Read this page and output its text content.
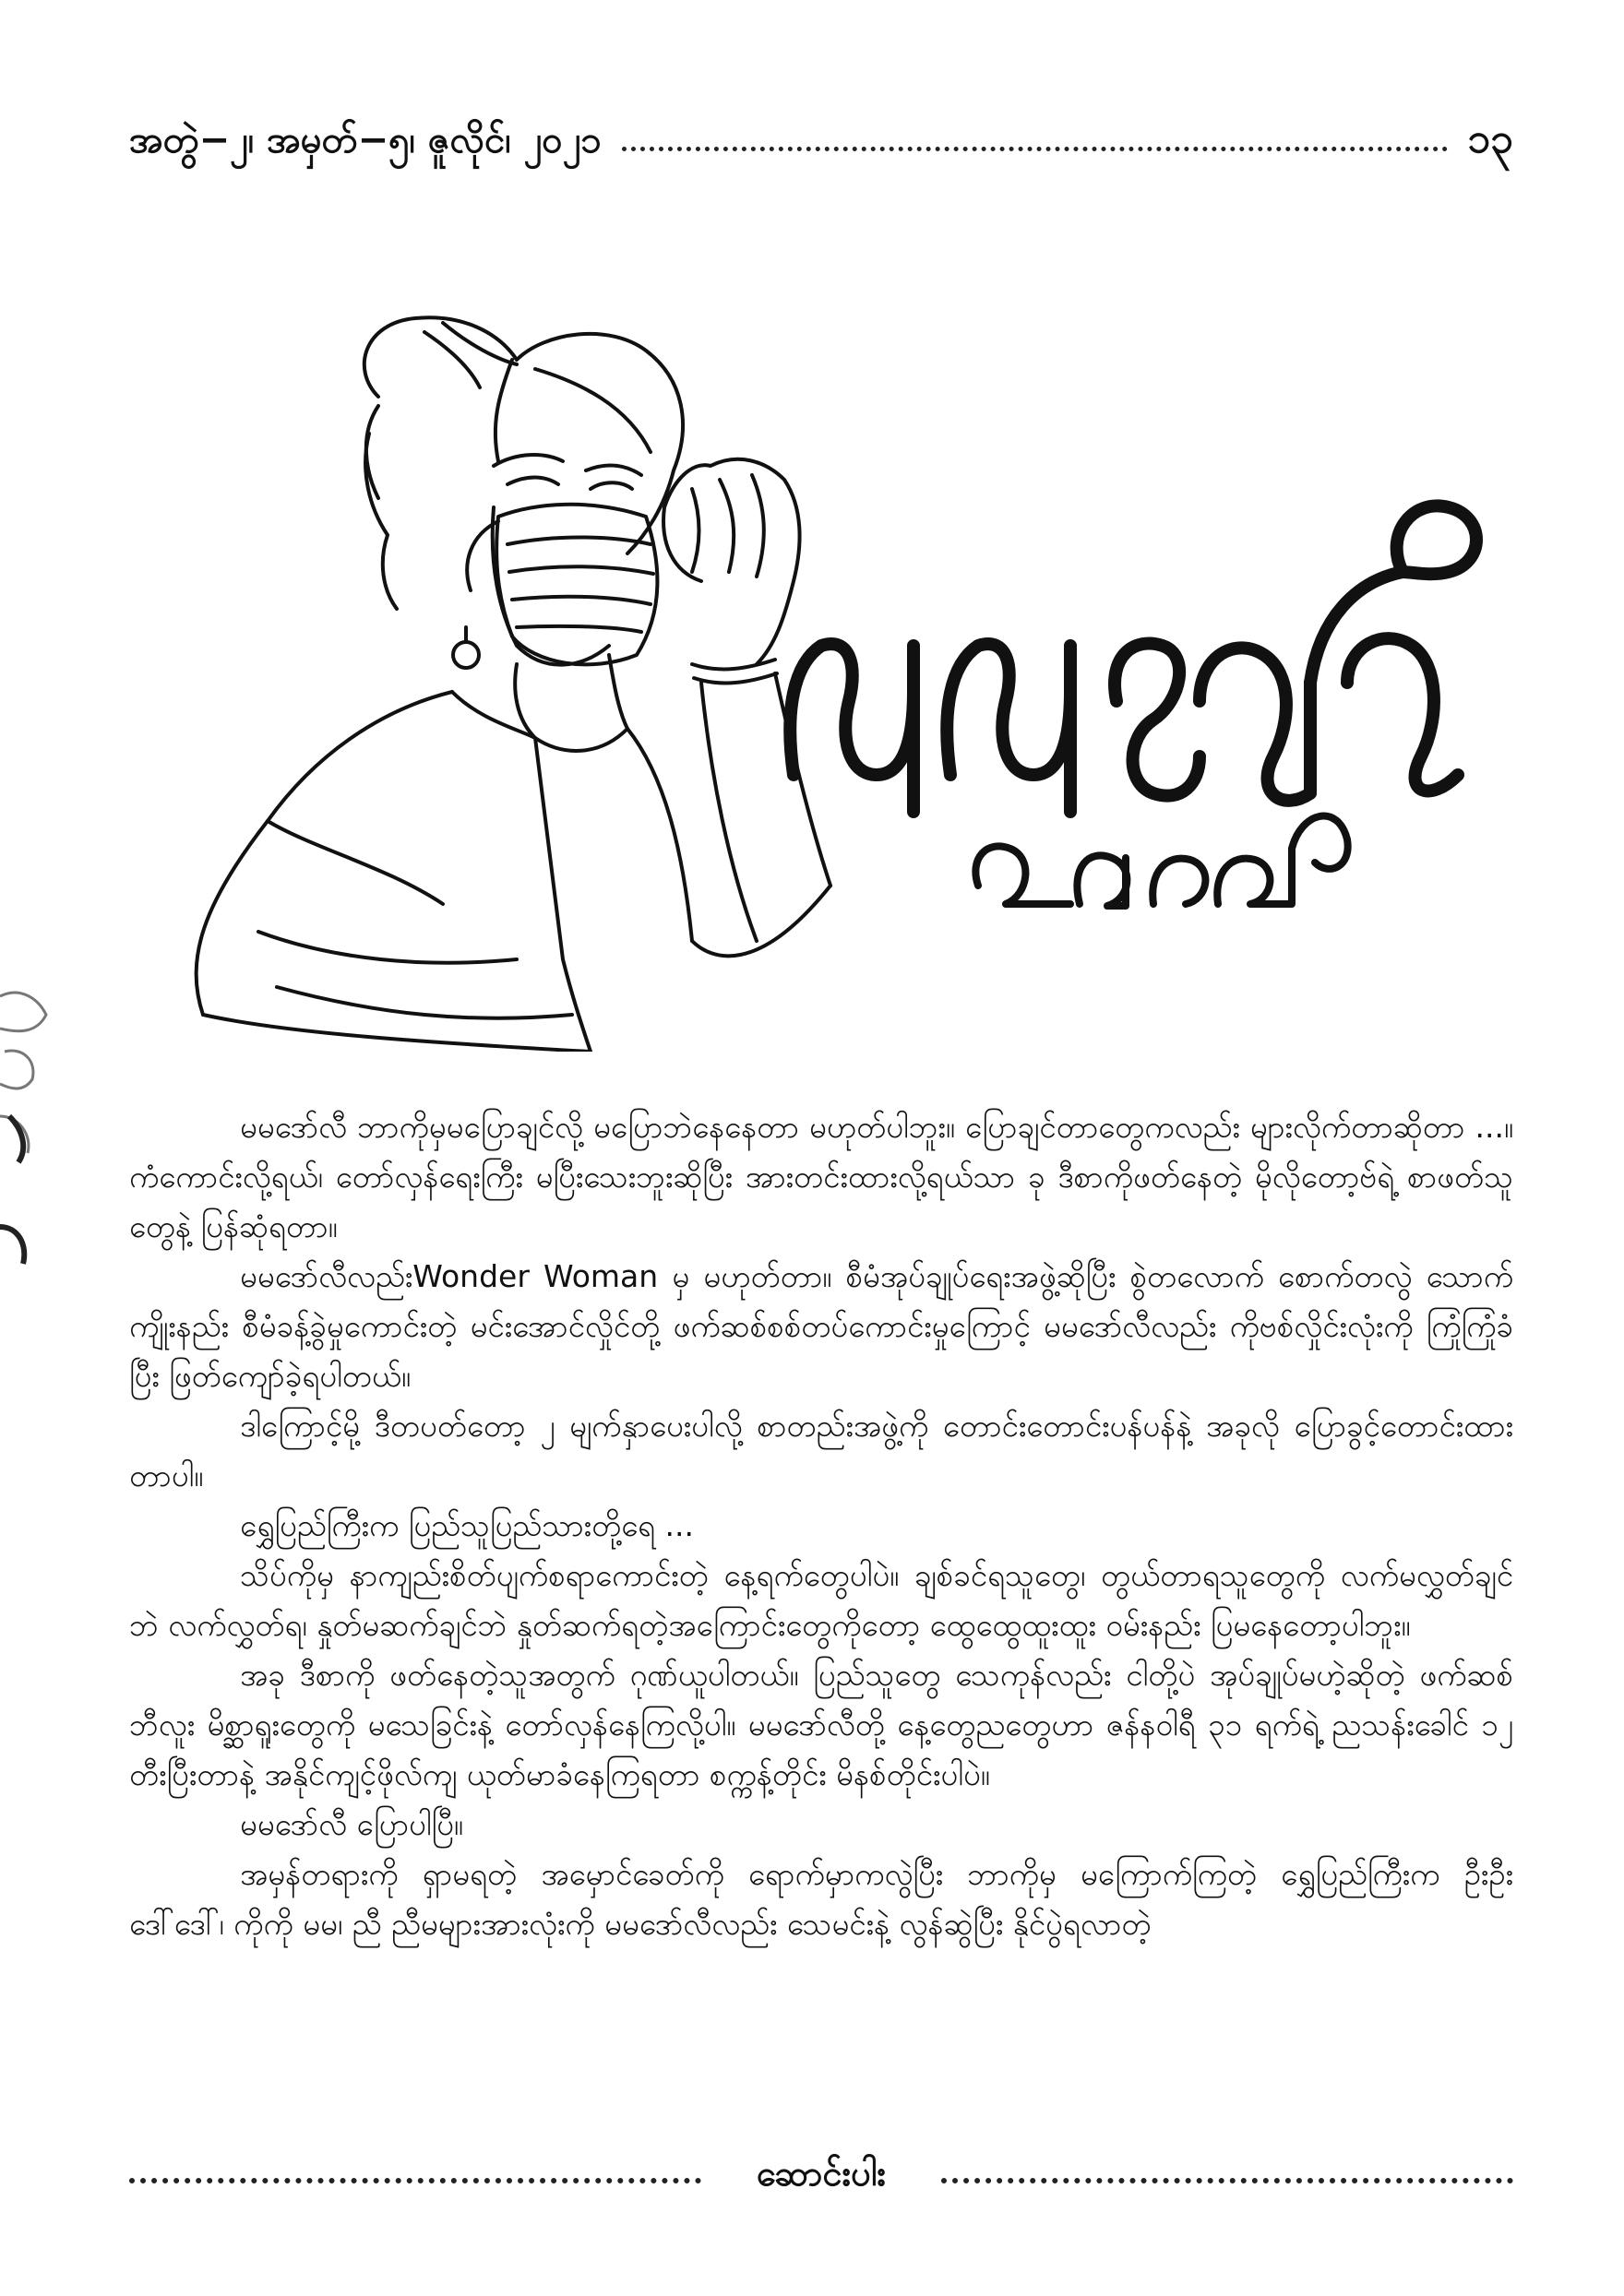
အတွဲ−၂၊ အမှတ်−၅၊ ဇူလိုင်၊ ၂၀၂၁	၁၃

မမဒော်လီ ဘာကိုမှမပြောချင်လို့ မပြောဘဲနေနေတာ မဟုတ်ပါဘူး။ ပြောချင်တာတွေကလည်း များလိုက်တာဆိုတာ ...။ ကံကောင်းလို့ရယ်၊ တော်လှန်ရေးကြီး မပြီးသေးဘူးဆိုပြီး အားတင်းထားလို့ရယ်သာ ခု ဒီစာကိုဖတ်နေတဲ့ မိုလိုတော့ဗ်ရဲ့ စာဖတ်သူတွေနဲ့ ပြန်ဆုံရတာ။

မမဒော်လီလည်းWonder Woman မှ မဟုတ်တာ။ စီမံအုပ်ချုပ်ရေးအဖွဲ့ဆိုပြီး စွဲတလောက် စောက်တလွဲ သောက်ကျိုးနည်း စီမံခန့်ခွဲမှုကောင်းတဲ့ မင်းအောင်လှိုင်တို့ ဖက်ဆစ်စစ်တပ်ကောင်းမှုကြောင့် မမဒော်လီလည်း ကိုဗစ်လှိုင်းလုံးကို ကြုံကြုံခံပြီး ဖြတ်ကျော်ခဲ့ရပါတယ်။

ဒါကြောင့်မို့ ဒီတပတ်တော့ ၂ မျက်နှာပေးပါလို့ စာတည်းအဖွဲ့ကို တောင်းတောင်းပန်ပန်နဲ့ အခုလို ပြောခွင့်တောင်းထားတာပါ။

ရွှေပြည်ကြီးက ပြည်သူပြည်သားတို့ရေ ...

သိပ်ကိုမှ နာကျည်းစိတ်ပျက်စရာကောင်းတဲ့ နေ့ရက်တွေပါပဲ။ ချစ်ခင်ရသူတွေ၊ တွယ်တာရသူတွေကို လက်မလွှတ်ချင်ဘဲ လက်လွှတ်ရ၊ နှုတ်မဆက်ချင်ဘဲ နှုတ်ဆက်ရတဲ့အကြောင်းတွေကိုတော့ ထွေထွေထူးထူး ဝမ်းနည်း ပြမနေတော့ပါဘူး။

အခု ဒီစာကို ဖတ်နေတဲ့သူအတွက် ဂုဏ်ယူပါတယ်။ ပြည်သူတွေ သေကုန်လည်း ငါတို့ပဲ အုပ်ချုပ်မဟဲ့ဆိုတဲ့ ဖက်ဆစ်ဘီလူး မိစ္ဆာရူးတွေကို မသေခြင်းနဲ့ တော်လှန်နေကြလို့ပါ။ မမဒော်လီတို့ နေ့တွေညတွေဟာ ဇန်နဝါရီ ၃၁ ရက်ရဲ့ ညသန်းခေါင် ၁၂ တီးပြီးတာနဲ့ အနိုင်ကျင့်ဖိုလ်ကျ ယုတ်မာခံနေကြရတာ စက္ကန့်တိုင်း မိနစ်တိုင်းပါပဲ။

မမဒော်လီ ပြောပါပြီ။

အမှန်တရားကို ရှာမရတဲ့ အမှောင်ခေတ်ကို ရောက်မှာကလွဲပြီး ဘာကိုမှ မကြောက်ကြတဲ့ ရွှေပြည်ကြီးက ဦးဦး ဒေါ်ဒေါ်၊ ကိုကို မမ၊ ညီ ညီမများအားလုံးကို မမဒော်လီလည်း သေမင်းနဲ့ လွန်ဆွဲပြီး နိုင်ပွဲရလာတဲ့

ဆောင်းပါး
